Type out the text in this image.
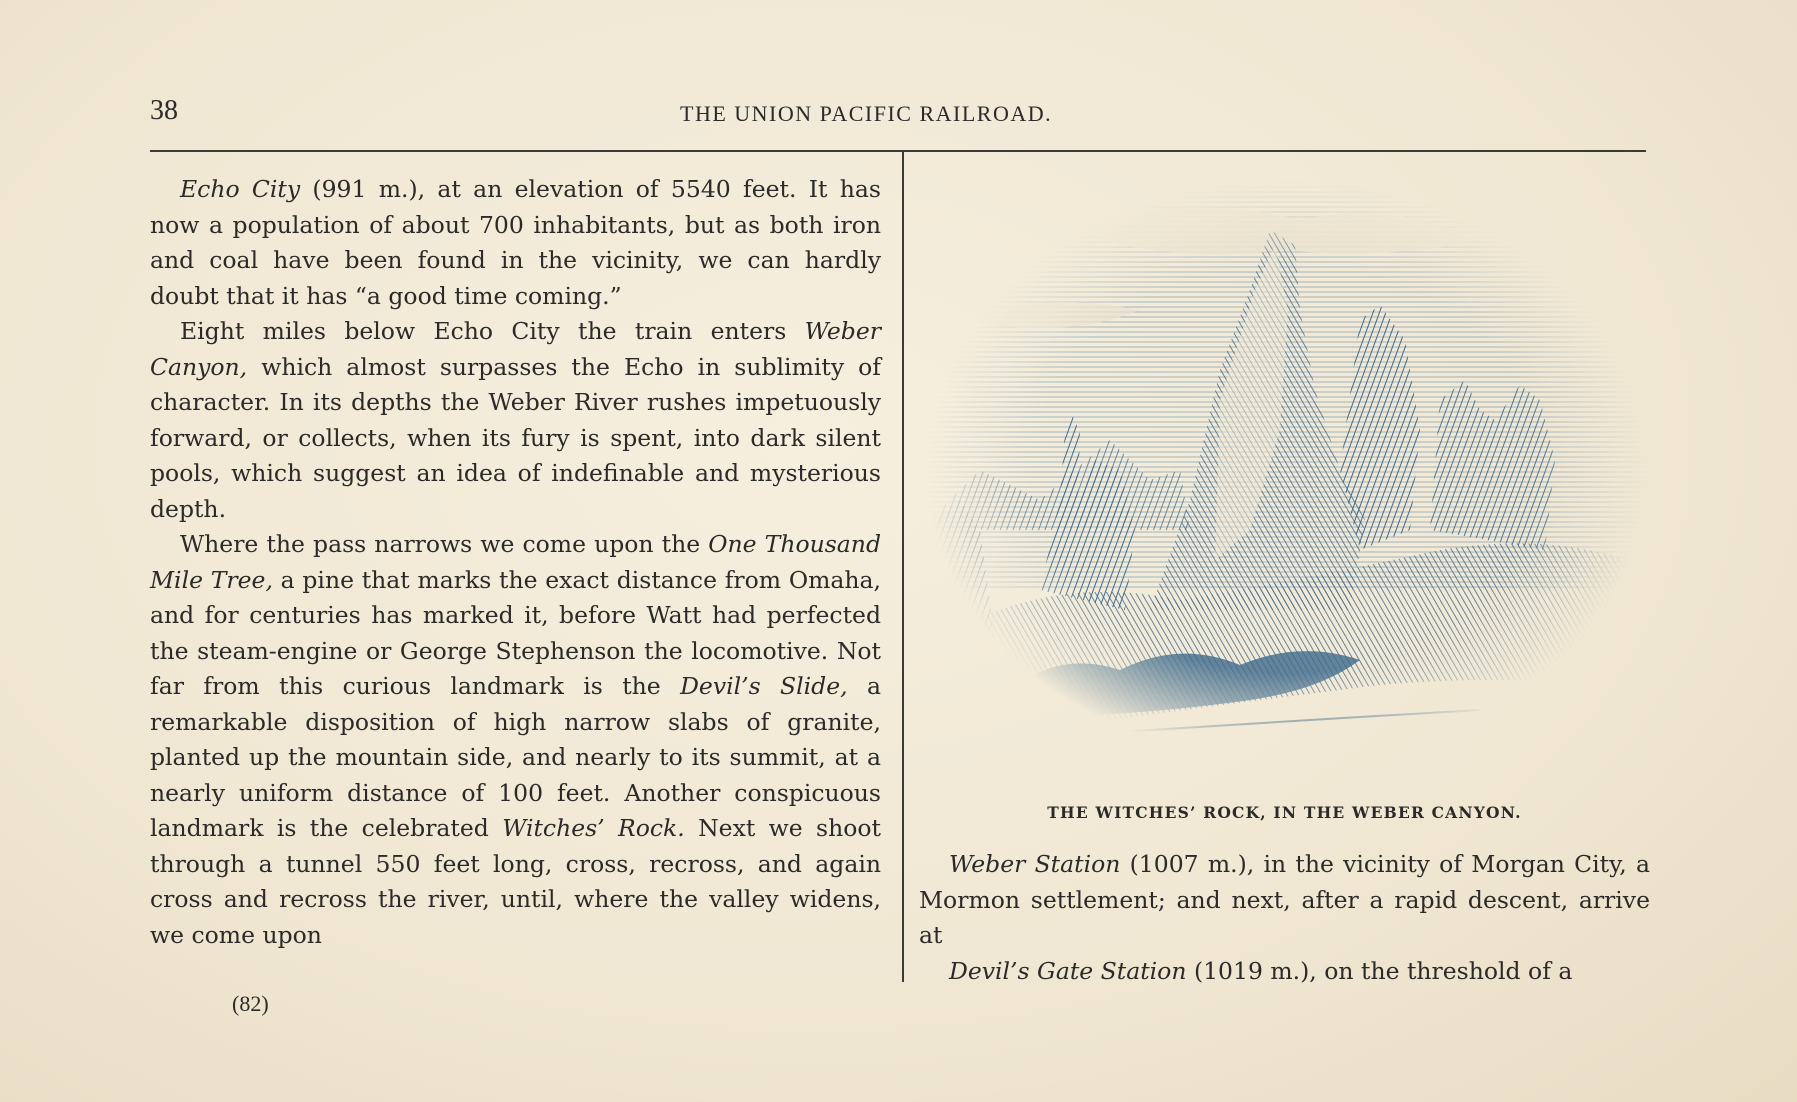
38	THE UNION PACIFIC RAILROAD.

Echo City (991 m.), at an elevation of 5540 feet. It has now a population of about 700 inhabitants, but as both iron and coal have been found in the vicinity, we can hardly doubt that it has “a good time coming.”

Eight miles below Echo City the train enters Weber Canyon, which almost surpasses the Echo in sublimity of character. In its depths the Weber River rushes impetuously forward, or collects, when its fury is spent, into dark silent pools, which suggest an idea of indefinable and mysterious depth.

Where the pass narrows we come upon the One Thousand Mile Tree, a pine that marks the exact distance from Omaha, and for centuries has marked it, before Watt had perfected the steam-engine or George Stephenson the locomotive. Not far from this curious landmark is the Devil’s Slide, a remarkable disposition of high narrow slabs of granite, planted up the mountain side, and nearly to its summit, at a nearly uniform distance of 100 feet. Another conspicuous landmark is the celebrated Witches’ Rock. Next we shoot through a tunnel 550 feet long, cross, recross, and again cross and recross the river, until, where the valley widens, we come upon

(82)
THE WITCHES’ ROCK, IN THE WEBER CANYON.

Weber Station (1007 m.), in the vicinity of Morgan City, a Mormon settlement; and next, after a rapid descent, arrive at

Devil’s Gate Station (1019 m.), on the threshold of a
